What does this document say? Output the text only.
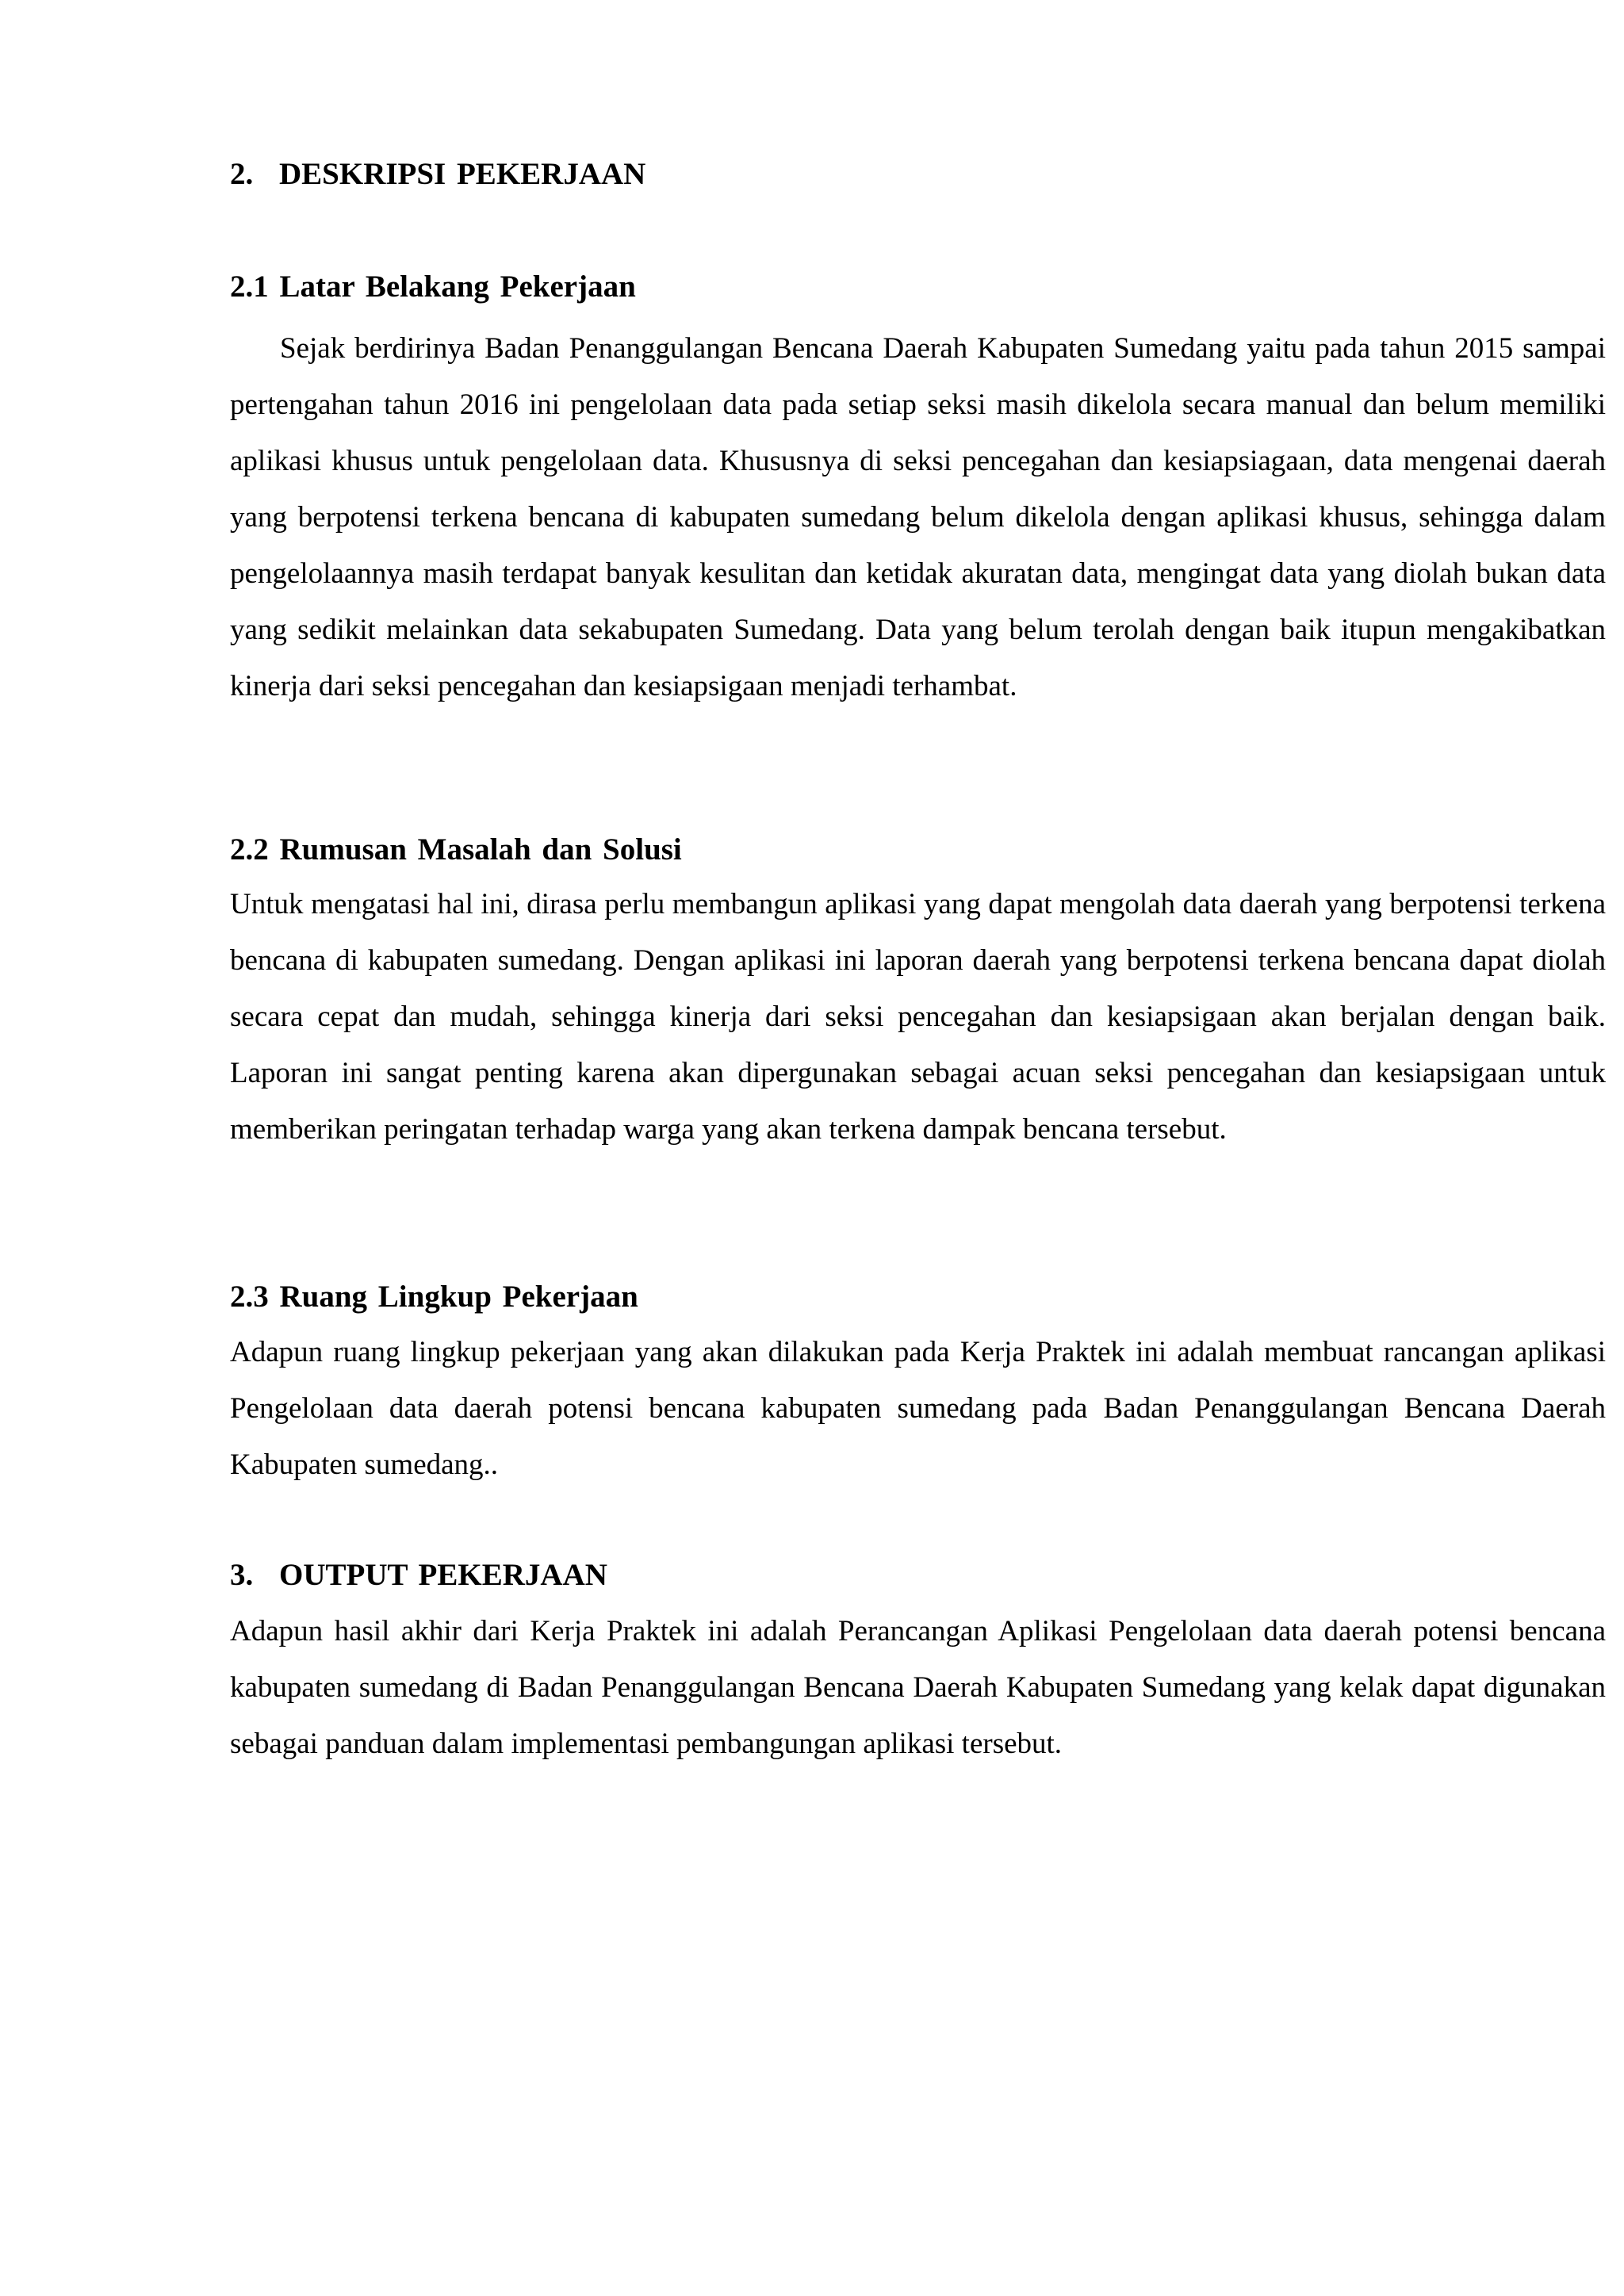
2. DESKRIPSI PEKERJAAN
2.1 Latar Belakang Pekerjaan

Sejak berdirinya Badan Penanggulangan Bencana Daerah Kabupaten Sumedang yaitu pada tahun 2015 sampai pertengahan tahun 2016 ini pengelolaan data pada setiap seksi masih dikelola secara manual dan belum memiliki aplikasi khusus untuk pengelolaan data. Khususnya di seksi pencegahan dan kesiapsiagaan, data mengenai daerah yang berpotensi terkena bencana di kabupaten sumedang belum dikelola dengan aplikasi khusus, sehingga dalam pengelolaannya masih terdapat banyak kesulitan dan ketidak akuratan data, mengingat data yang diolah bukan data yang sedikit melainkan data sekabupaten Sumedang. Data yang belum terolah dengan baik itupun mengakibatkan kinerja dari seksi pencegahan dan kesiapsigaan menjadi terhambat.

2.2 Rumusan Masalah dan Solusi

Untuk mengatasi hal ini, dirasa perlu membangun aplikasi yang dapat mengolah data daerah yang berpotensi terkena bencana di kabupaten sumedang. Dengan aplikasi ini laporan daerah yang berpotensi terkena bencana dapat diolah secara cepat dan mudah, sehingga kinerja dari seksi pencegahan dan kesiapsigaan akan berjalan dengan baik. Laporan ini sangat penting karena akan dipergunakan sebagai acuan seksi pencegahan dan kesiapsigaan untuk memberikan peringatan terhadap warga yang akan terkena dampak bencana tersebut.

2.3 Ruang Lingkup Pekerjaan

Adapun ruang lingkup pekerjaan yang akan dilakukan pada Kerja Praktek ini adalah membuat rancangan aplikasi Pengelolaan data daerah potensi bencana kabupaten sumedang pada Badan Penanggulangan Bencana Daerah Kabupaten sumedang..

3. OUTPUT PEKERJAAN

Adapun hasil akhir dari Kerja Praktek ini adalah Perancangan Aplikasi Pengelolaan data daerah potensi bencana kabupaten sumedang di Badan Penanggulangan Bencana Daerah Kabupaten Sumedang yang kelak dapat digunakan sebagai panduan dalam implementasi pembangungan aplikasi tersebut.
